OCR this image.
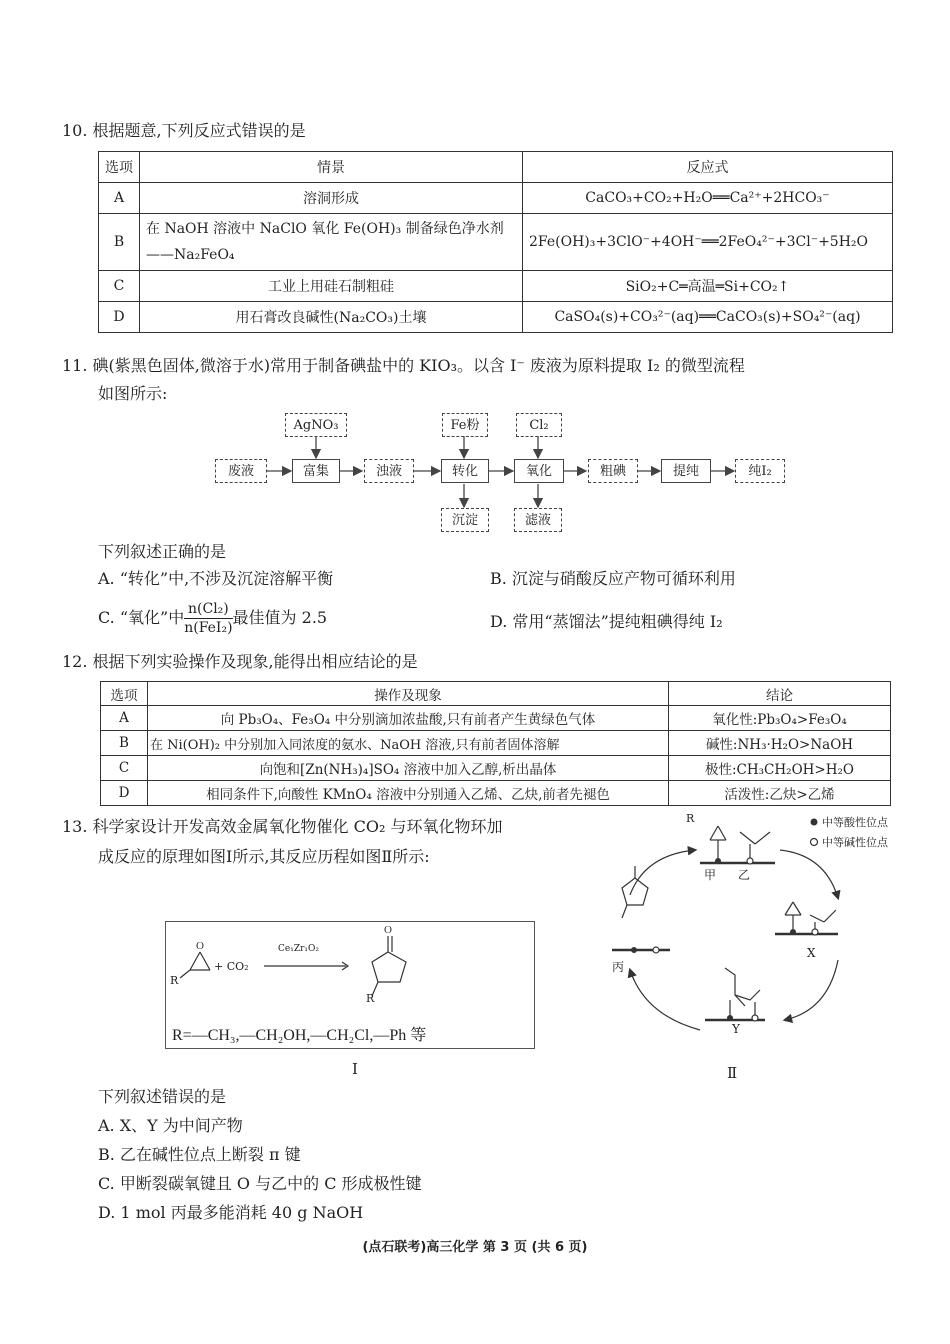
10. 根据题意,下列反应式错误的是
选项	情景	反应式
A	溶洞形成	CaCO₃+CO₂+H₂O══Ca²⁺+2HCO₃⁻
B	在 NaOH 溶液中 NaClO 氧化 Fe(OH)₃ 制备绿色净水剂——Na₂FeO₄	2Fe(OH)₃+3ClO⁻+4OH⁻══2FeO₄²⁻+3Cl⁻+5H₂O
C	工业上用硅石制粗硅	SiO₂+C═高温═Si+CO₂↑
D	用石膏改良碱性(Na₂CO₃)土壤	CaSO₄(s)+CO₃²⁻(aq)══CaCO₃(s)+SO₄²⁻(aq)
11. 碘(紫黑色固体,微溶于水)常用于制备碘盐中的 KIO₃。以含 I⁻ 废液为原料提取 I₂ 的微型流程
如图所示:
AgNO₃	Fe粉	Cl₂
废液	富集	浊液	转化	氧化	粗碘	提纯	纯I₂
沉淀	滤液
下列叙述正确的是
A. “转化”中,不涉及沉淀溶解平衡	B. 沉淀与硝酸反应产物可循环利用
C. “氧化”中 $\frac{\text{n(Cl₂)}}{\text{n(FeI₂)}}$ 最佳值为 2.5	D. 常用“蒸馏法”提纯粗碘得纯 I₂
12. 根据下列实验操作及现象,能得出相应结论的是
选项	操作及现象	结论
A	向 Pb₃O₄、Fe₃O₄ 中分别滴加浓盐酸,只有前者产生黄绿色气体	氧化性:Pb₃O₄>Fe₃O₄
B	在 Ni(OH)₂ 中分别加入同浓度的氨水、NaOH 溶液,只有前者固体溶解	碱性:NH₃·H₂O>NaOH
C	向饱和[Zn(NH₃)₄]SO₄ 溶液中加入乙醇,析出晶体	极性:CH₃CH₂OH>H₂O
D	相同条件下,向酸性 KMnO₄ 溶液中分别通入乙烯、乙炔,前者先褪色	活泼性:乙炔>乙烯
13. 科学家设计开发高效金属氧化物催化 CO₂ 与环氧化物环加
成反应的原理如图Ⅰ所示,其反应历程如图Ⅱ所示:
O
O
R
R
+ CO₂
Ce₁Zr₁O₂
R=—CH₃,—CH₂OH,—CH₂Cl,—Ph 等
Ⅰ
中等酸性位点
中等碱性位点
甲 乙
X
Y
丙
R
Ⅱ
下列叙述错误的是
A. X、Y 为中间产物
B. 乙在碱性位点上断裂 π 键
C. 甲断裂碳氧键且 O 与乙中的 C 形成极性键
D. 1 mol 丙最多能消耗 40 g NaOH
(点石联考)高三化学 第 3 页 (共 6 页)
